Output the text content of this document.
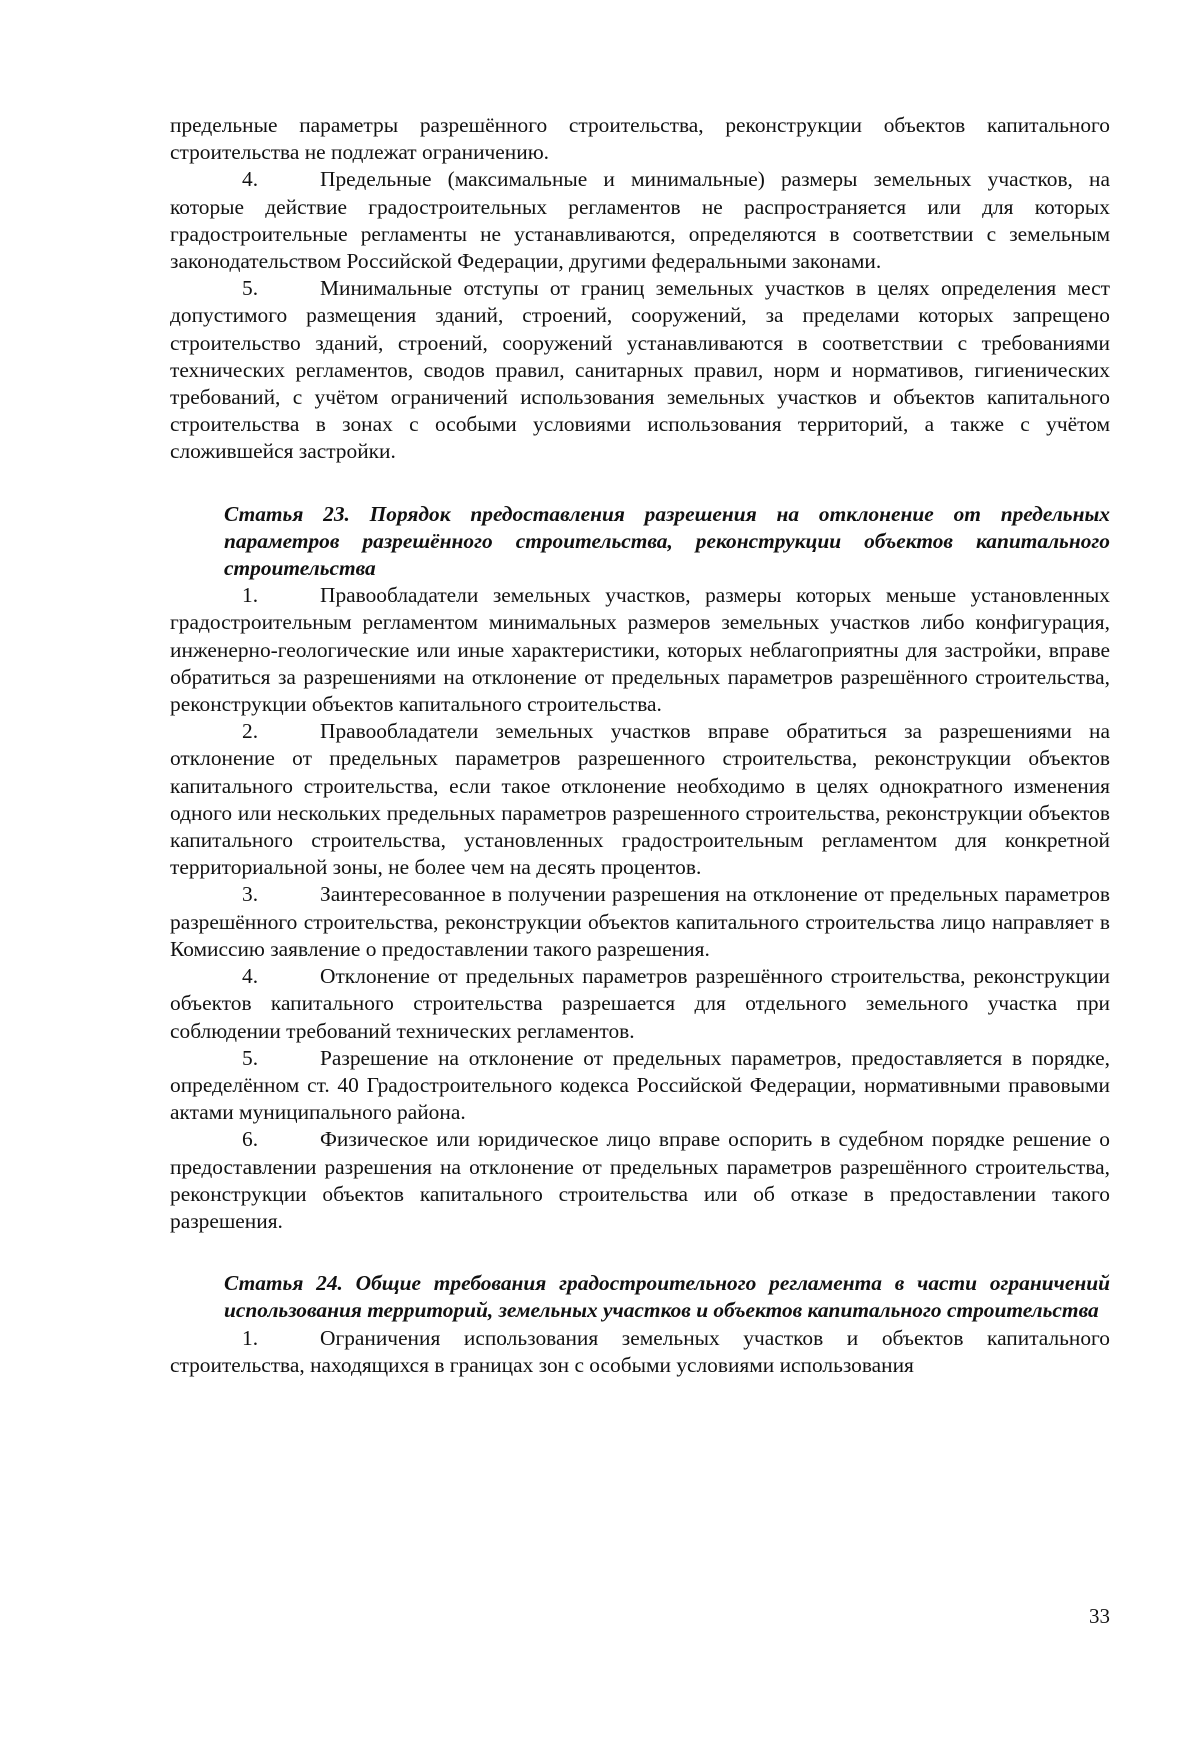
предельные параметры разрешённого строительства, реконструкции объектов капитального строительства не подлежат ограничению.

4.	Предельные (максимальные и минимальные) размеры земельных участков, на которые действие градостроительных регламентов не распространяется или для которых градостроительные регламенты не устанавливаются, определяются в соответствии с земельным законодательством Российской Федерации, другими федеральными законами.

5.	Минимальные отступы от границ земельных участков в целях определения мест допустимого размещения зданий, строений, сооружений, за пределами которых запрещено строительство зданий, строений, сооружений устанавливаются в соответствии с требованиями технических регламентов, сводов правил, санитарных правил, норм и нормативов, гигиенических требований, с учётом ограничений использования земельных участков и объектов капитального строительства в зонах с особыми условиями использования территорий, а также с учётом сложившейся застройки.

Статья 23. Порядок предоставления разрешения на отклонение от предельных параметров разрешённого строительства, реконструкции объектов капитального строительства

1.	Правообладатели земельных участков, размеры которых меньше установленных градостроительным регламентом минимальных размеров земельных участков либо конфигурация, инженерно-геологические или иные характеристики, которых неблагоприятны для застройки, вправе обратиться за разрешениями на отклонение от предельных параметров разрешённого строительства, реконструкции объектов капитального строительства.

2.	Правообладатели земельных участков вправе обратиться за разрешениями на отклонение от предельных параметров разрешенного строительства, реконструкции объектов капитального строительства, если такое отклонение необходимо в целях однократного изменения одного или нескольких предельных параметров разрешенного строительства, реконструкции объектов капитального строительства, установленных градостроительным регламентом для конкретной территориальной зоны, не более чем на десять процентов.

3.	Заинтересованное в получении разрешения на отклонение от предельных параметров разрешённого строительства, реконструкции объектов капитального строительства лицо направляет в Комиссию заявление о предоставлении такого разрешения.

4.	Отклонение от предельных параметров разрешённого строительства, реконструкции объектов капитального строительства разрешается для отдельного земельного участка при соблюдении требований технических регламентов.

5.	Разрешение на отклонение от предельных параметров, предоставляется в порядке, определённом ст. 40 Градостроительного кодекса Российской Федерации, нормативными правовыми актами муниципального района.

6.	Физическое или юридическое лицо вправе оспорить в судебном порядке решение о предоставлении разрешения на отклонение от предельных параметров разрешённого строительства, реконструкции объектов капитального строительства или об отказе в предоставлении такого разрешения.

Статья 24. Общие требования градостроительного регламента в части ограничений использования территорий, земельных участков и объектов капитального строительства

1.	Ограничения использования земельных участков и объектов капитального строительства, находящихся в границах зон с особыми условиями использования

33
